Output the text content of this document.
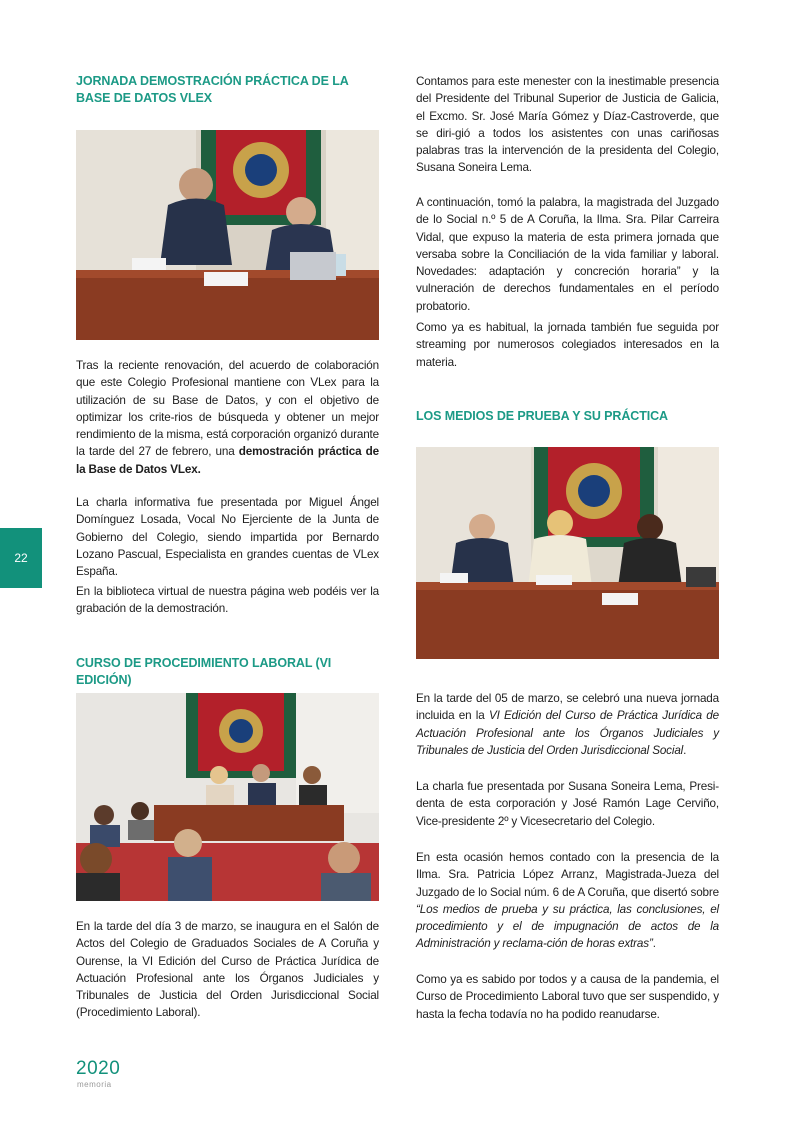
JORNADA DEMOSTRACIÓN PRÁCTICA DE LA BASE DE DATOS VLEX

Tras la reciente renovación, del acuerdo de colaboración que este Colegio Profesional mantiene con VLex para la utilización de su Base de Datos, y con el objetivo de optimizar los crite-rios de búsqueda y obtener un mejor rendimiento de la misma, está corporación organizó durante la tarde del 27 de febrero, una demostración práctica de la Base de Datos VLex.

La charla informativa fue presentada por Miguel Ángel Domínguez Losada, Vocal No Ejerciente de la Junta de Gobierno del Colegio, siendo impartida por Bernardo Lozano Pascual, Especialista en grandes cuentas de VLex España.

En la biblioteca virtual de nuestra página web podéis ver la grabación de la demostración.

CURSO DE PROCEDIMIENTO LABORAL (VI EDICIÓN)

En la tarde del día 3 de marzo, se inaugura en el Salón de Actos del Colegio de Graduados Sociales de A Coruña y Ourense, la VI Edición del Curso de Práctica Jurídica de Actuación Profesional ante los Órganos Judiciales y Tribunales de Justicia del Orden Jurisdiccional Social (Procedimiento Laboral).

22

Contamos para este menester con la inestimable presencia del Presidente del Tribunal Superior de Justicia de Galicia, el Excmo. Sr. José María Gómez y Díaz-Castroverde, que se diri-gió a todos los asistentes con unas cariñosas palabras tras la intervención de la presidenta del Colegio, Susana Soneira Lema.

A continuación, tomó la palabra, la magistrada del Juzgado de lo Social n.º 5 de A Coruña, la Ilma. Sra. Pilar Carreira Vidal, que expuso la materia de esta primera jornada que versaba sobre la Conciliación de la vida familiar y laboral. Novedades: adaptación y concreción horaria” y la vulneración de derechos fundamentales en el período probatorio.

Como ya es habitual, la jornada también fue seguida por streaming por numerosos colegiados interesados en la materia.

LOS MEDIOS DE PRUEBA Y SU PRÁCTICA

En la tarde del 05 de marzo, se celebró una nueva jornada incluida en la VI Edición del Curso de Práctica Jurídica de Actuación Profesional ante los Órganos Judiciales y Tribunales de Justicia del Orden Jurisdiccional Social.

La charla fue presentada por Susana Soneira Lema, Presi-denta de esta corporación y José Ramón Lage Cerviño, Vice-presidente 2º y Vicesecretario del Colegio.

En esta ocasión hemos contado con la presencia de la Ilma. Sra. Patricia López Arranz, Magistrada-Jueza del Juzgado de lo Social núm. 6 de A Coruña, que disertó sobre “Los medios de prueba y su práctica, las conclusiones, el procedimiento y el de impugnación de actos de la Administración y reclama-ción de horas extras”.

Como ya es sabido por todos y a causa de la pandemia, el Curso de Procedimiento Laboral tuvo que ser suspendido, y hasta la fecha todavía no ha podido reanudarse.

2020
memoria
